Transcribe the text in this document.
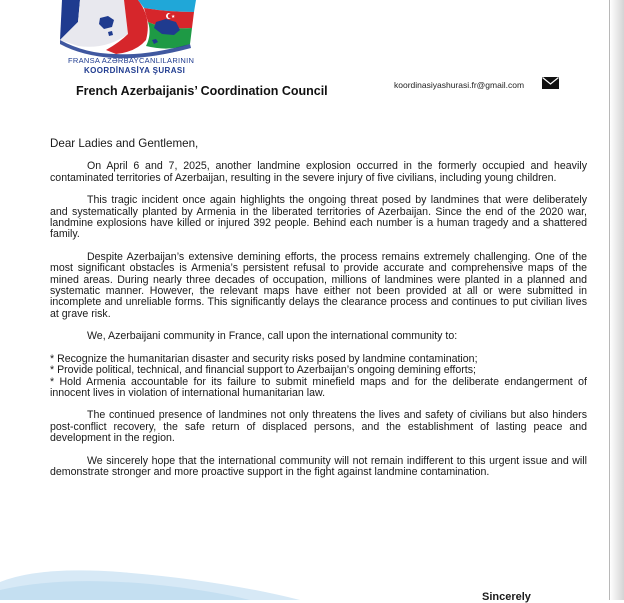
FRANSA AZƏRBAYCANLILARININ
KOORDİNASİYA ŞURASI
French Azerbaijanis’ Coordination Council	koordinasiyashurasi.fr@gmail.com

Dear Ladies and Gentlemen,

On April 6 and 7, 2025, another landmine explosion occurred in the formerly occupied and heavily contaminated territories of Azerbaijan, resulting in the severe injury of five civilians, including young children.

This tragic incident once again highlights the ongoing threat posed by landmines that were deliberately and systematically planted by Armenia in the liberated territories of Azerbaijan. Since the end of the 2020 war, landmine explosions have killed or injured 392 people. Behind each number is a human tragedy and a shattered family.

Despite Azerbaijan’s extensive demining efforts, the process remains extremely challenging. One of the most significant obstacles is Armenia’s persistent refusal to provide accurate and comprehensive maps of the mined areas. During nearly three decades of occupation, millions of landmines were planted in a planned and systematic manner. However, the relevant maps have either not been provided at all or were submitted in incomplete and unreliable forms. This significantly delays the clearance process and continues to put civilian lives at grave risk.

We, Azerbaijani community in France, call upon the international community to:

* Recognize the humanitarian disaster and security risks posed by landmine contamination;

* Provide political, technical, and financial support to Azerbaijan’s ongoing demining efforts;

* Hold Armenia accountable for its failure to submit minefield maps and for the deliberate endangerment of innocent lives in violation of international humanitarian law.

The continued presence of landmines not only threatens the lives and safety of civilians but also hinders post-conflict recovery, the safe return of displaced persons, and the establishment of lasting peace and development in the region.

We sincerely hope that the international community will not remain indifferent to this urgent issue and will demonstrate stronger and more proactive support in the fight against landmine contamination.

Sincerely
